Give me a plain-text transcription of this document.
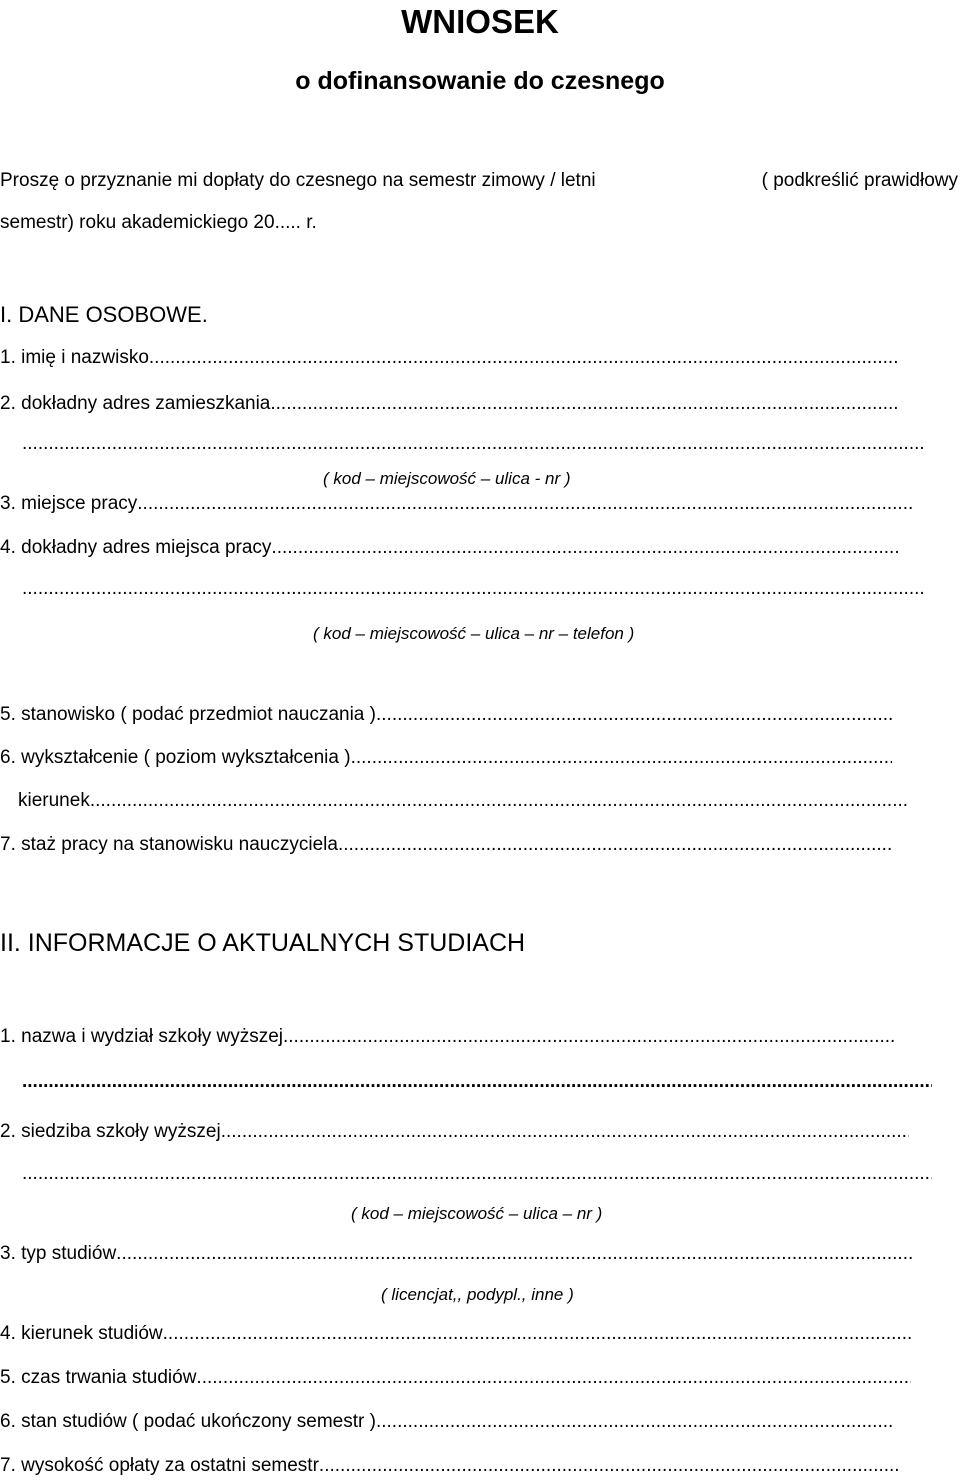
WNIOSEK
o dofinansowanie do czesnego
Proszę o przyznanie mi dopłaty do czesnego na semestr zimowy / letni	( podkreślić prawidłowy
semestr) roku akademickiego 20..... r.
I. DANE OSOBOWE.
1. imię i nazwisko.....
2. dokładny adres zamieszkania.....
.....
( kod – miejscowość – ulica - nr )
3. miejsce pracy.....
4. dokładny adres miejsca pracy.....
.....
( kod – miejscowość – ulica – nr – telefon )
5. stanowisko ( podać przedmiot nauczania ).....
6. wykształcenie ( poziom wykształcenia ).....
kierunek.....
7. staż pracy na stanowisku nauczyciela.....
II. INFORMACJE O AKTUALNYCH STUDIACH
1. nazwa i wydział szkoły wyższej.....
.....
2. siedziba szkoły wyższej.....
.....
( kod – miejscowość – ulica – nr )
3. typ studiów.....
( licencjat,, podypl., inne )
4. kierunek studiów.....
5. czas trwania studiów.....
6. stan studiów ( podać ukończony semestr ).....
7. wysokość opłaty za ostatni semestr.....
